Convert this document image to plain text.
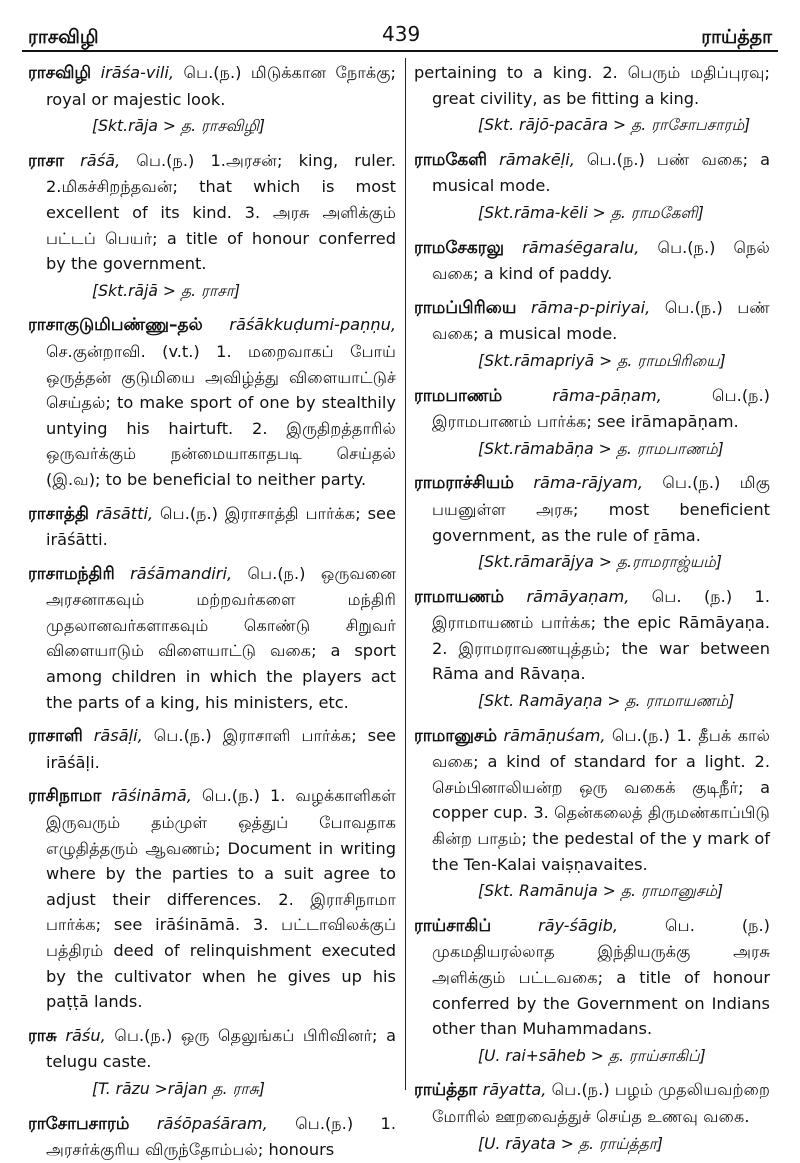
ராசவிழி	439	ராய்த்தா
ராசவிழி irāśa-vili, பெ.(ந.) மிடுக்கான நோக்கு; royal or majestic look.
[Skt.rāja > த. ராசவிழி]
ராசா rāśā, பெ.(ந.) 1.அரசன்; king, ruler. 2.மிகச்சிறந்தவன்; that which is most excellent of its kind. 3. அரசு அளிக்கும் பட்டப் பெயர்; a title of honour conferred by the government.
[Skt.rājā > த. ராசா]
ராசாகுடுமிபண்ணு–தல் rāśākkuḍumi-paṇṇu, செ.குன்றாவி. (v.t.) 1. மறைவாகப் போய் ஒருத்தன் குடுமியை அவிழ்த்து விளையாட்டுச் செய்தல்; to make sport of one by stealthily untying his hairtuft. 2. இருதிறத்தாரில் ஒருவர்க்கும் நன்மையாகாதபடி செய்தல் (இ.வ); to be beneficial to neither party.
ராசாத்தி rāsātti, பெ.(ந.) இராசாத்தி பார்க்க; see irāśātti.
ராசாமந்திரி rāśāmandiri, பெ.(ந.) ஒருவனை அரசனாகவும் மற்றவர்களை மந்திரி முதலானவர்களாகவும் கொண்டு சிறுவர் விளையாடும் விளையாட்டு வகை; a sport among children in which the players act the parts of a king, his ministers, etc.
ராசாளி rāsāḷi, பெ.(ந.) இராசாளி பார்க்க; see irāśāḷi.
ராசிநாமா rāśināmā, பெ.(ந.) 1. வழக்காளிகள் இருவரும் தம்முள் ஒத்துப் போவதாக எழுதித்தரும் ஆவணம்; Document in writing where by the parties to a suit agree to adjust their differences. 2. இராசிநாமா பார்க்க; see irāśināmā. 3. பட்டாவிலக்குப் பத்திரம் deed of relinquishment executed by the cultivator when he gives up his paṭṭā lands.
ராசு rāśu, பெ.(ந.) ஒரு தெலுங்கப் பிரிவினர்; a telugu caste.
[T. rāzu >rājan த. ராசு]
ராசோபசாரம் rāśōpaśāram, பெ.(ந.) 1. அரசர்க்குரிய விருந்தோம்பல்; honours
pertaining to a king. 2. பெரும் மதிப்புரவு; great civility, as be fitting a king.
[Skt. rājō-pacāra > த. ராசோபசாரம்]
ராமகேளி rāmakēḷi, பெ.(ந.) பண் வகை; a musical mode.
[Skt.rāma-kēli > த. ராமகேளி]
ராமசேகரலு rāmaśēgaralu, பெ.(ந.) நெல் வகை; a kind of paddy.
ராமப்பிரியை rāma-p-piriyai, பெ.(ந.) பண் வகை; a musical mode.
[Skt.rāmapriyā > த. ராமபிரியை]
ராமபாணம்	rāma-pāṇam, பெ.(ந.) இராமபாணம் பார்க்க; see irāmapāṇam.
[Skt.rāmabāṇa > த. ராமபாணம்]
ராமராச்சியம் rāma-rājyam, பெ.(ந.) மிகு பயனுள்ள அரசு; most beneficient government, as the rule of ṟāma.
[Skt.rāmarājya > த.ராமராஜ்யம்]
ராமாயணம் rāmāyaṇam, பெ. (ந.) 1. இராமாயணம் பார்க்க; the epic Rāmāyaṇa. 2. இராமராவணயுத்தம்; the war between Rāma and Rāvaṇa.
[Skt. Ramāyaṇa > த. ராமாயணம்]
ராமானுசம் rāmāṇuśam, பெ.(ந.) 1. தீபக் கால் வகை; a kind of standard for a light. 2. செம்பினாலியன்ற ஒரு வகைக் குடிநீர்; a copper cup. 3. தென்கலைத் திருமண்காப்பிடு கின்ற பாதம்; the pedestal of the y mark of the Ten-Kalai vaiṣṇavaites.
[Skt. Ramānuja > த. ராமானுசம்]
ராய்சாகிப்	rāy-śāgib, பெ. (ந.) முகமதியரல்லாத இந்தியருக்கு அரசு அளிக்கும் பட்டவகை; a title of honour conferred by the Government on Indians other than Muhammadans.
[U. rai+sāheb > த. ராய்சாகிப்]
ராய்த்தா rāyatta, பெ.(ந.) பழம் முதலியவற்றை மோரில் ஊறவைத்துச் செய்த உணவு வகை.
[U. rāyata > த. ராய்த்தா]
